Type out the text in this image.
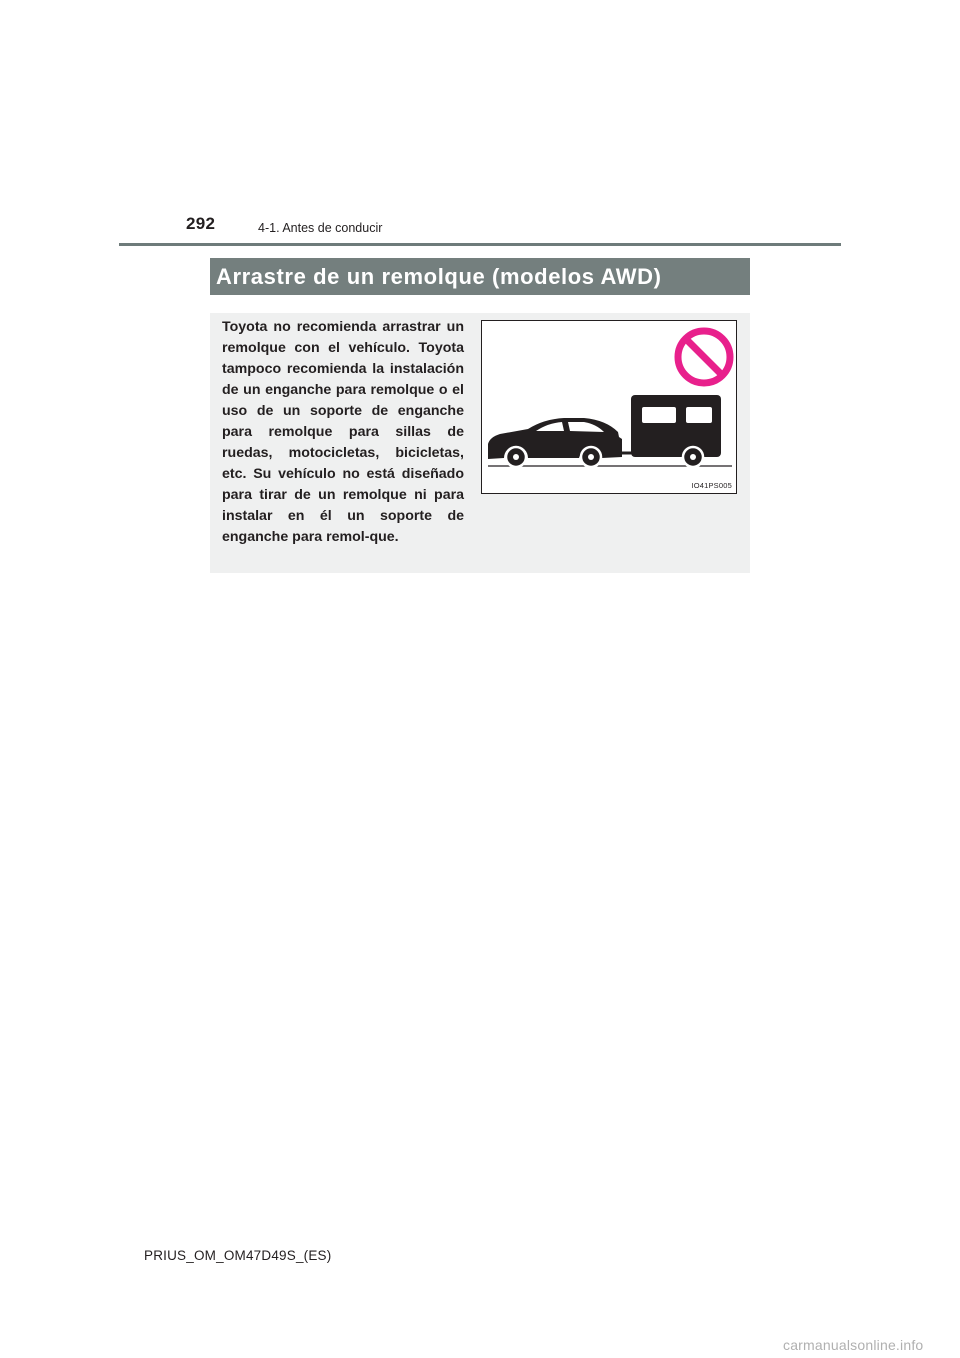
292	4-1. Antes de conducir
Arrastre de un remolque (modelos AWD)
Toyota no recomienda arrastrar un remolque con el vehículo. Toyota tampoco recomienda la instalación de un enganche para remolque o el uso de un soporte de enganche para remolque para sillas de ruedas, motocicletas, bicicletas, etc. Su vehículo no está diseñado para tirar de un remolque ni para instalar en él un soporte de enganche para remol-que.
IO41PS005
PRIUS_OM_OM47D49S_(ES)
carmanualsonline.info
